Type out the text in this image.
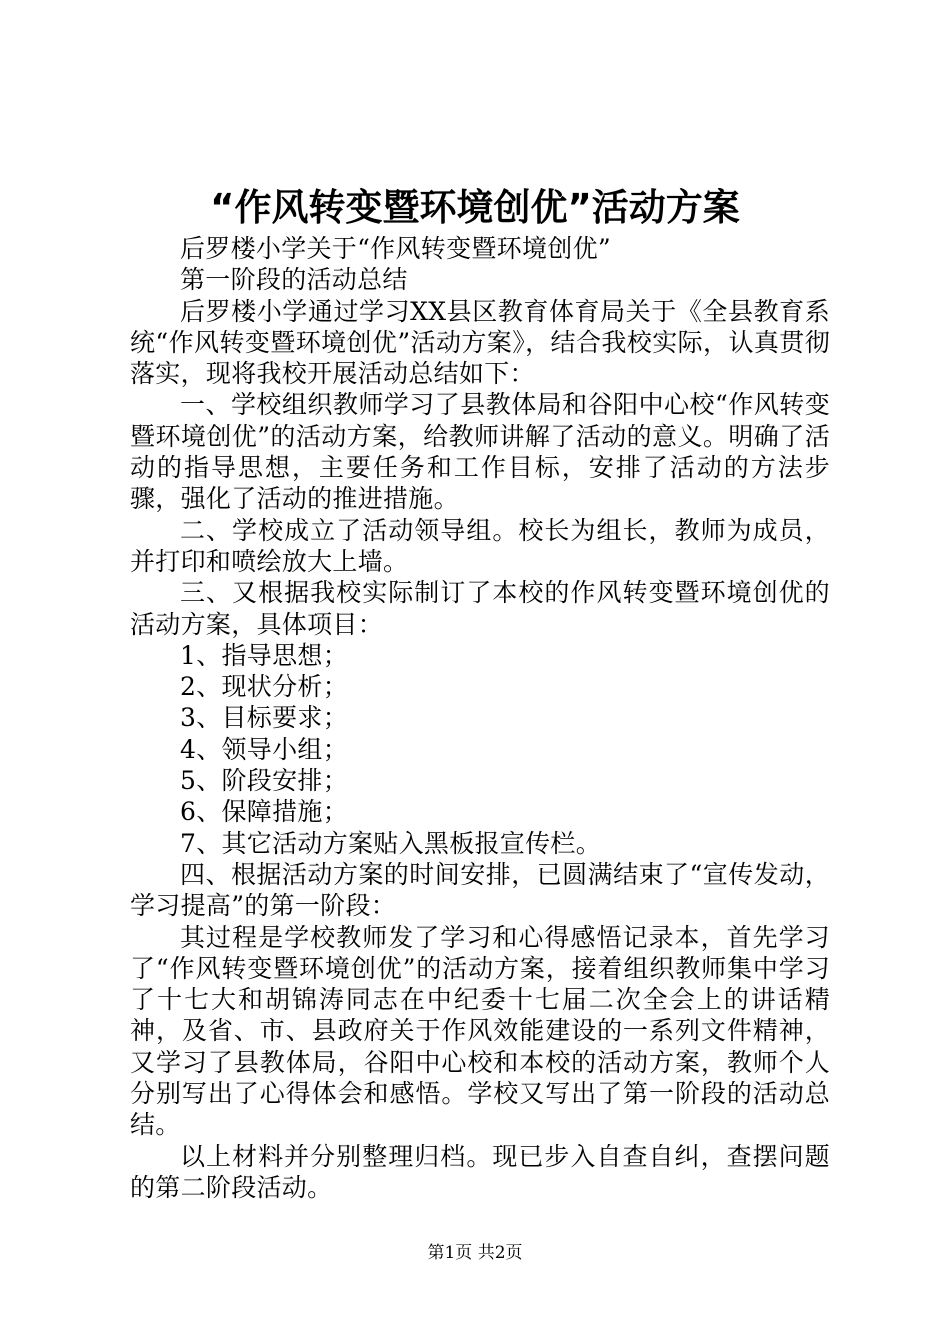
“作风转变暨环境创优”活动方案

后罗楼小学关于“作风转变暨环境创优”

第一阶段的活动总结

后罗楼小学通过学习XX县区教育体育局关于《全县教育系统“作风转变暨环境创优”活动方案》，结合我校实际，认真贯彻落实，现将我校开展活动总结如下：

一、学校组织教师学习了县教体局和谷阳中心校“作风转变暨环境创优”的活动方案，给教师讲解了活动的意义。明确了活动的指导思想，主要任务和工作目标，安排了活动的方法步骤，强化了活动的推进措施。

二、学校成立了活动领导组。校长为组长，教师为成员，并打印和喷绘放大上墙。

三、又根据我校实际制订了本校的作风转变暨环境创优的活动方案，具体项目：

1、指导思想；

2、现状分析；

3、目标要求；

4、领导小组；

5、阶段安排；

6、保障措施；

7、其它活动方案贴入黑板报宣传栏。

四、根据活动方案的时间安排，已圆满结束了“宣传发动，学习提高”的第一阶段：

其过程是学校教师发了学习和心得感悟记录本，首先学习了“作风转变暨环境创优”的活动方案，接着组织教师集中学习了十七大和胡锦涛同志在中纪委十七届二次全会上的讲话精神，及省、市、县政府关于作风效能建设的一系列文件精神，又学习了县教体局，谷阳中心校和本校的活动方案，教师个人分别写出了心得体会和感悟。学校又写出了第一阶段的活动总结。

以上材料并分别整理归档。现已步入自查自纠，查摆问题的第二阶段活动。

第1页 共2页
